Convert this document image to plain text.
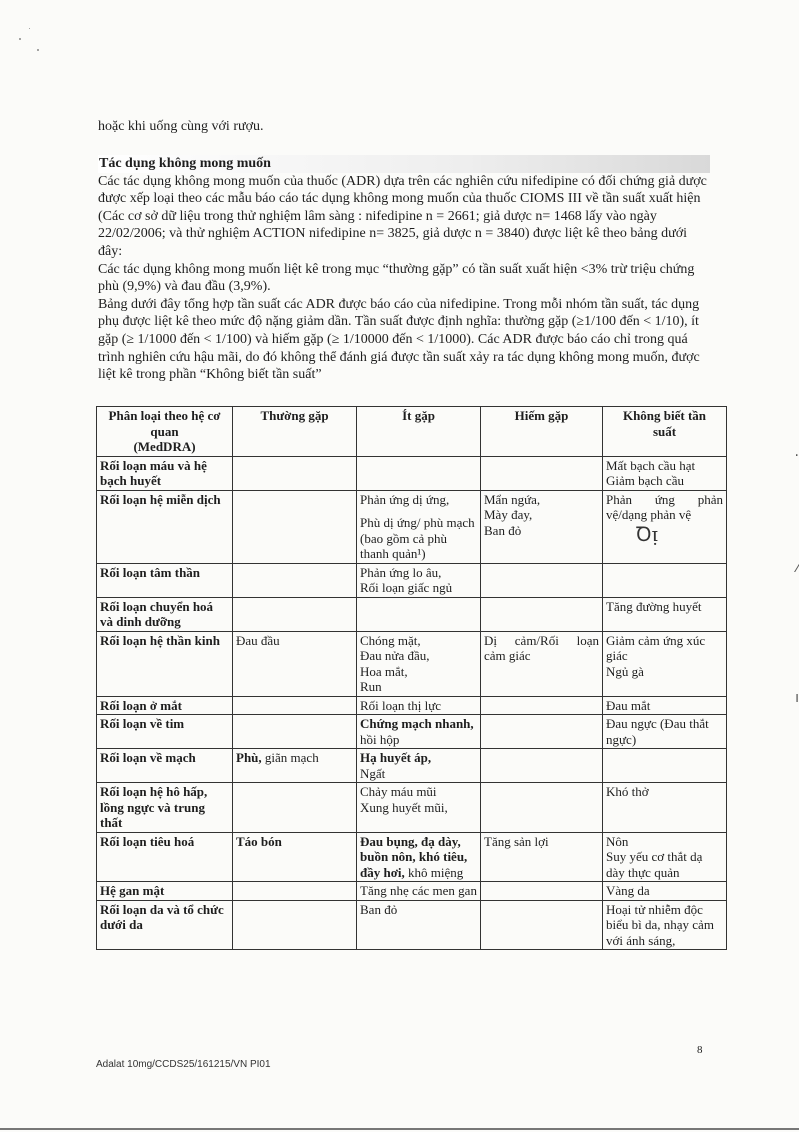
hoặc khi uống cùng với rượu.
Tác dụng không mong muốn

Các tác dụng không mong muốn của thuốc (ADR) dựa trên các nghiên cứu nifedipine có đối chứng giả dược được xếp loại theo các mẫu báo cáo tác dụng không mong muốn của thuốc CIOMS III về tần suất xuất hiện (Các cơ sở dữ liệu trong thử nghiệm lâm sàng : nifedipine n = 2661; giả dược n= 1468 lấy vào ngày 22/02/2006; và thử nghiệm ACTION nifedipine n= 3825, giả dược n = 3840) được liệt kê theo bảng dưới đây:

Các tác dụng không mong muốn liệt kê trong mục “thường gặp” có tần suất xuất hiện <3% trừ triệu chứng phù (9,9%) và đau đầu (3,9%).

Bảng dưới đây tổng hợp tần suất các ADR được báo cáo của nifedipine. Trong mỗi nhóm tần suất, tác dụng phụ được liệt kê theo mức độ nặng giảm dần. Tần suất được định nghĩa: thường gặp (≥1/100 đến < 1/10), ít gặp (≥ 1/1000 đến < 1/100) và hiếm gặp (≥ 1/10000 đến < 1/1000). Các ADR được báo cáo chỉ trong quá trình nghiên cứu hậu mãi, do đó không thể đánh giá được tần suất xảy ra tác dụng không mong muốn, được liệt kê trong phần “Không biết tần suất”

Phân loại theo hệ cơ
quan
(MedDRA)	Thường gặp	Ít gặp	Hiếm gặp	Không biết tần
suất

Rối loạn máu và hệ bạch huyết				Mất bạch cầu hạt
Giảm bạch cầu

Rối loạn hệ miễn dịch		Phản ứng dị ứng,
Phù dị ứng/ phù mạch (bao gồm cả phù thanh quản¹)	Mẩn ngứa,
Mày đay,
Ban đỏ	Phản ứng phản
vệ/dạng phản vệ
Ꝺᴉ

Rối loạn tâm thần		Phản ứng lo âu,
Rối loạn giấc ngủ		

Rối loạn chuyển hoá và dinh dưỡng				Tăng đường huyết
Rối loạn hệ thần kinh	Đau đầu	Chóng mặt,
Đau nửa đầu,
Hoa mắt,
Run	Dị cảm/Rối loạn
cảm giác	Giảm cảm ứng xúc giác
Ngủ gà

Rối loạn ở mắt		Rối loạn thị lực		Đau mắt
Rối loạn về tim		Chứng mạch nhanh, hồi hộp		Đau ngực (Đau thắt ngực)
Rối loạn về mạch	Phù, giãn mạch	Hạ huyết áp,
Ngất		

Rối loạn hệ hô hấp, lồng ngực và trung thất		Chảy máu mũi
Xung huyết mũi,		Khó thở
Rối loạn tiêu hoá	Táo bón	Đau bụng, đạ dày, buồn nôn, khó tiêu, đầy hơi, khô miệng	Tăng sản lợi	Nôn
Suy yếu cơ thắt dạ dày thực quản

Hệ gan mật		Tăng nhẹ các men gan		Vàng da
Rối loạn da và tổ chức dưới da		Ban đỏ		Hoại tử nhiễm độc biểu bì da, nhạy cảm với ánh sáng,
·
⁄
ı
8
Adalat 10mg/CCDS25/161215/VN PI01
